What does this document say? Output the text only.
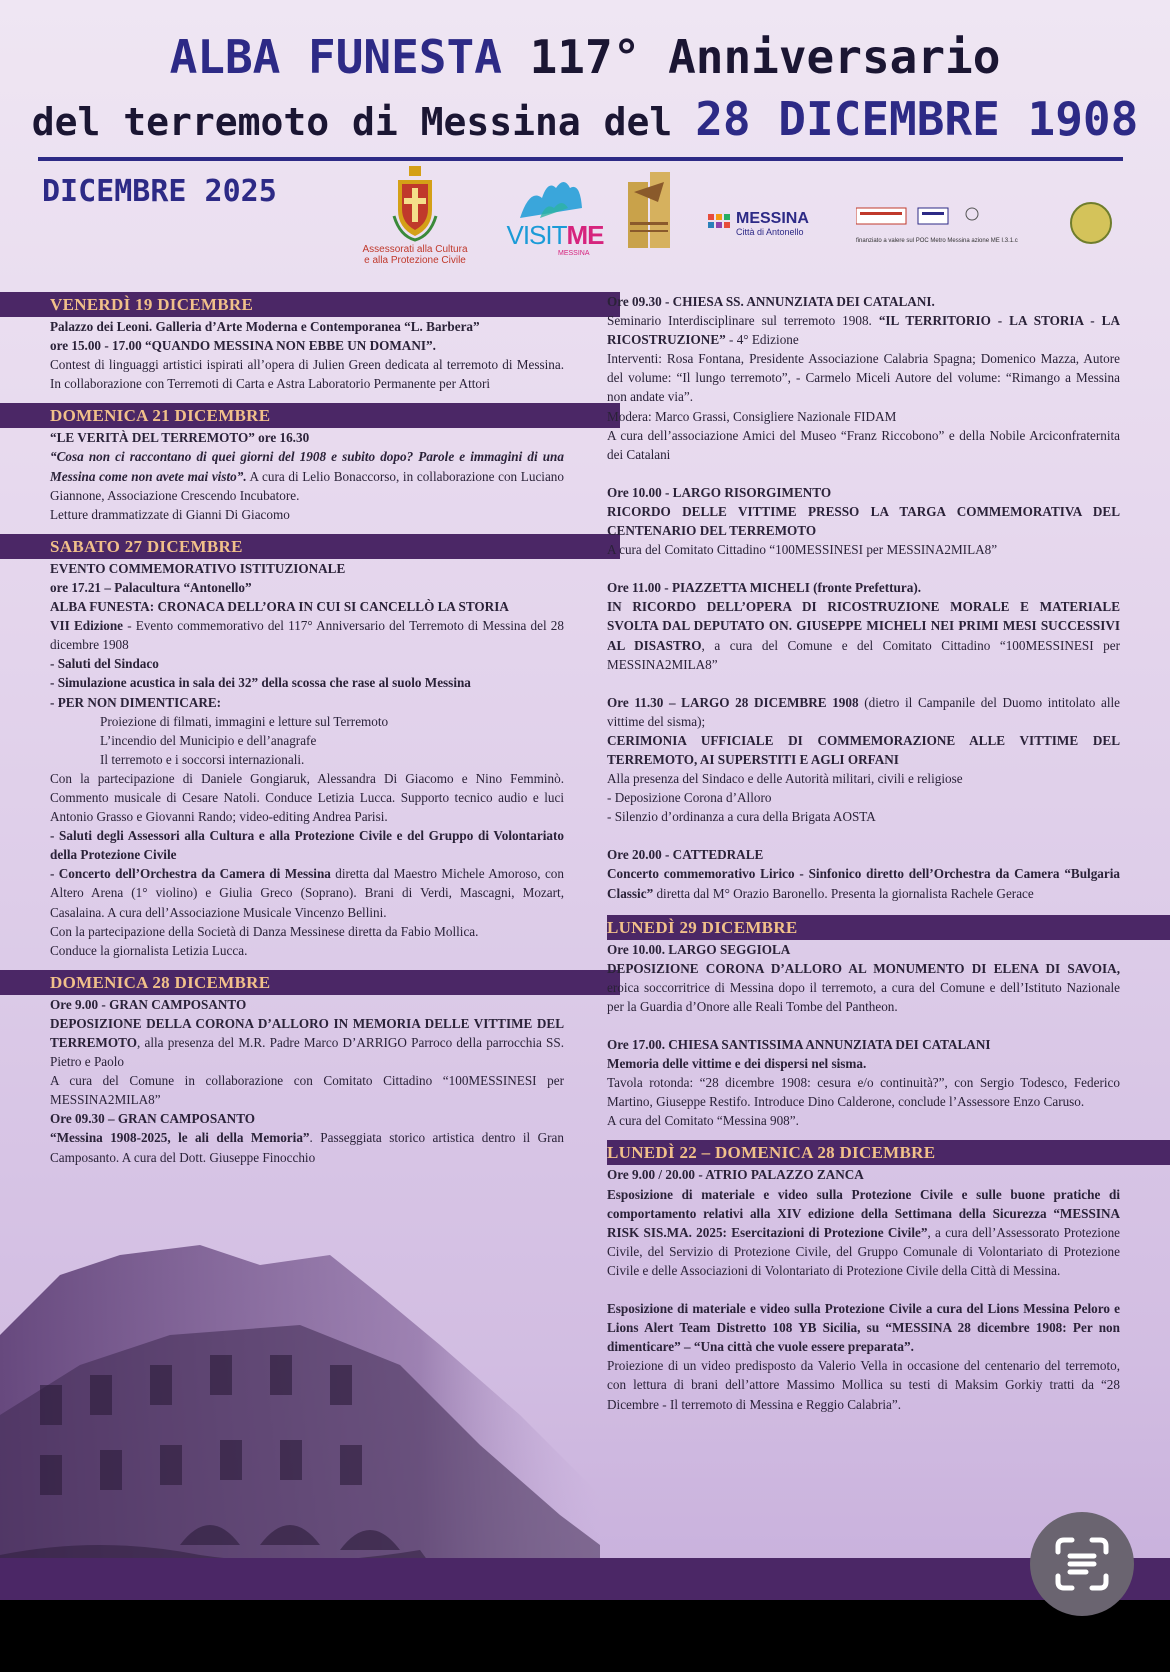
ALBA FUNESTA 117° Anniversario
del terremoto di Messina del 28 DICEMBRE 1908
DICEMBRE 2025
Assessorati alla Cultura
e alla Protezione Civile
VISITME
MESSINA
MESSINA
Città di Antonello
finanziato a valere sul POC Metro Messina azione ME I.3.1.c
VENERDÌ 19 DICEMBRE

Palazzo dei Leoni. Galleria d’Arte Moderna e Contemporanea “L. Barbera”

ore 15.00 - 17.00 “QUANDO MESSINA NON EBBE UN DOMANI”.

Contest di linguaggi artistici ispirati all’opera di Julien Green dedicata al terremoto di Messina. In collaborazione con Terremoti di Carta e Astra Laboratorio Permanente per Attori

DOMENICA 21 DICEMBRE

“LE VERITÀ DEL TERREMOTO” ore 16.30

“Cosa non ci raccontano di quei giorni del 1908 e subito dopo? Parole e immagini di una Messina come non avete mai visto”. A cura di Lelio Bonaccorso, in collaborazione con Luciano Giannone, Associazione Crescendo Incubatore.

Letture drammatizzate di Gianni Di Giacomo

SABATO 27 DICEMBRE

EVENTO COMMEMORATIVO ISTITUZIONALE

ore 17.21 – Palacultura “Antonello”

ALBA FUNESTA: CRONACA DELL’ORA IN CUI SI CANCELLÒ LA STORIA

VII Edizione - Evento commemorativo del 117° Anniversario del Terremoto di Messina del 28 dicembre 1908

- Saluti del Sindaco

- Simulazione acustica in sala dei 32” della scossa che rase al suolo Messina

- PER NON DIMENTICARE:

Proiezione di filmati, immagini e letture sul Terremoto

L’incendio del Municipio e dell’anagrafe

Il terremoto e i soccorsi internazionali.

Con la partecipazione di Daniele Gongiaruk, Alessandra Di Giacomo e Nino Femminò. Commento musicale di Cesare Natoli. Conduce Letizia Lucca. Supporto tecnico audio e luci Antonio Grasso e Giovanni Rando; video-editing Andrea Parisi.

- Saluti degli Assessori alla Cultura e alla Protezione Civile e del Gruppo di Volontariato della Protezione Civile

- Concerto dell’Orchestra da Camera di Messina diretta dal Maestro Michele Amoroso, con Altero Arena (1° violino) e Giulia Greco (Soprano). Brani di Verdi, Mascagni, Mozart, Casalaina. A cura dell’Associazione Musicale Vincenzo Bellini.

Con la partecipazione della Società di Danza Messinese diretta da Fabio Mollica.

Conduce la giornalista Letizia Lucca.

DOMENICA 28 DICEMBRE

Ore 9.00 - GRAN CAMPOSANTO

DEPOSIZIONE DELLA CORONA D’ALLORO IN MEMORIA DELLE VITTIME DEL TERREMOTO, alla presenza del M.R. Padre Marco D’ARRIGO Parroco della parrocchia SS. Pietro e Paolo

A cura del Comune in collaborazione con Comitato Cittadino “100MESSINESI per MESSINA2MILA8”

Ore 09.30 – GRAN CAMPOSANTO

“Messina 1908-2025, le ali della Memoria”. Passeggiata storico artistica dentro il Gran Camposanto. A cura del Dott. Giuseppe Finocchio

Ore 09.30 - CHIESA SS. ANNUNZIATA DEI CATALANI.

Seminario Interdisciplinare sul terremoto 1908. “IL TERRITORIO - LA STORIA - LA RICOSTRUZIONE” - 4° Edizione

Interventi: Rosa Fontana, Presidente Associazione Calabria Spagna; Domenico Mazza, Autore del volume: “Il lungo terremoto”, - Carmelo Miceli Autore del volume: “Rimango a Messina non andate via”.

Modera: Marco Grassi, Consigliere Nazionale FIDAM

A cura dell’associazione Amici del Museo “Franz Riccobono” e della Nobile Arciconfraternita dei Catalani

Ore 10.00 - LARGO RISORGIMENTO

RICORDO DELLE VITTIME PRESSO LA TARGA COMMEMORATIVA DEL CENTENARIO DEL TERREMOTO

A cura del Comitato Cittadino “100MESSINESI per MESSINA2MILA8”

Ore 11.00 - PIAZZETTA MICHELI (fronte Prefettura).

IN RICORDO DELL’OPERA DI RICOSTRUZIONE MORALE E MATERIALE SVOLTA DAL DEPUTATO ON. GIUSEPPE MICHELI NEI PRIMI MESI SUCCESSIVI AL DISASTRO, a cura del Comune e del Comitato Cittadino “100MESSINESI per MESSINA2MILA8”

Ore 11.30 – LARGO 28 DICEMBRE 1908 (dietro il Campanile del Duomo intitolato alle vittime del sisma);

CERIMONIA UFFICIALE DI COMMEMORAZIONE ALLE VITTIME DEL TERREMOTO, AI SUPERSTITI E AGLI ORFANI

Alla presenza del Sindaco e delle Autorità militari, civili e religiose

- Deposizione Corona d’Alloro

- Silenzio d’ordinanza a cura della Brigata AOSTA

Ore 20.00 - CATTEDRALE

Concerto commemorativo Lirico - Sinfonico diretto dell’Orchestra da Camera “Bulgaria Classic” diretta dal M° Orazio Baronello. Presenta la giornalista Rachele Gerace

LUNEDÌ 29 DICEMBRE

Ore 10.00. LARGO SEGGIOLA

DEPOSIZIONE CORONA D’ALLORO AL MONUMENTO DI ELENA DI SAVOIA, eroica soccorritrice di Messina dopo il terremoto, a cura del Comune e dell’Istituto Nazionale per la Guardia d’Onore alle Reali Tombe del Pantheon.

Ore 17.00. CHIESA SANTISSIMA ANNUNZIATA DEI CATALANI

Memoria delle vittime e dei dispersi nel sisma.

Tavola rotonda: “28 dicembre 1908: cesura e/o continuità?”, con Sergio Todesco, Federico Martino, Giuseppe Restifo. Introduce Dino Calderone, conclude l’Assessore Enzo Caruso.

A cura del Comitato “Messina 908”.

LUNEDÌ 22 – DOMENICA 28 DICEMBRE

Ore 9.00 / 20.00 - ATRIO PALAZZO ZANCA

Esposizione di materiale e video sulla Protezione Civile e sulle buone pratiche di comportamento relativi alla XIV edizione della Settimana della Sicurezza “MESSINA RISK SIS.MA. 2025: Esercitazioni di Protezione Civile”, a cura dell’Assessorato Protezione Civile, del Servizio di Protezione Civile, del Gruppo Comunale di Volontariato di Protezione Civile e delle Associazioni di Volontariato di Protezione Civile della Città di Messina.

Esposizione di materiale e video sulla Protezione Civile a cura del Lions Messina Peloro e Lions Alert Team Distretto 108 YB Sicilia, su “MESSINA 28 dicembre 1908: Per non dimenticare” – “Una città che vuole essere preparata”.

Proiezione di un video predisposto da Valerio Vella in occasione del centenario del terremoto, con lettura di brani dell’attore Massimo Mollica su testi di Maksim Gorkiy tratti da “28 Dicembre - Il terremoto di Messina e Reggio Calabria”.
